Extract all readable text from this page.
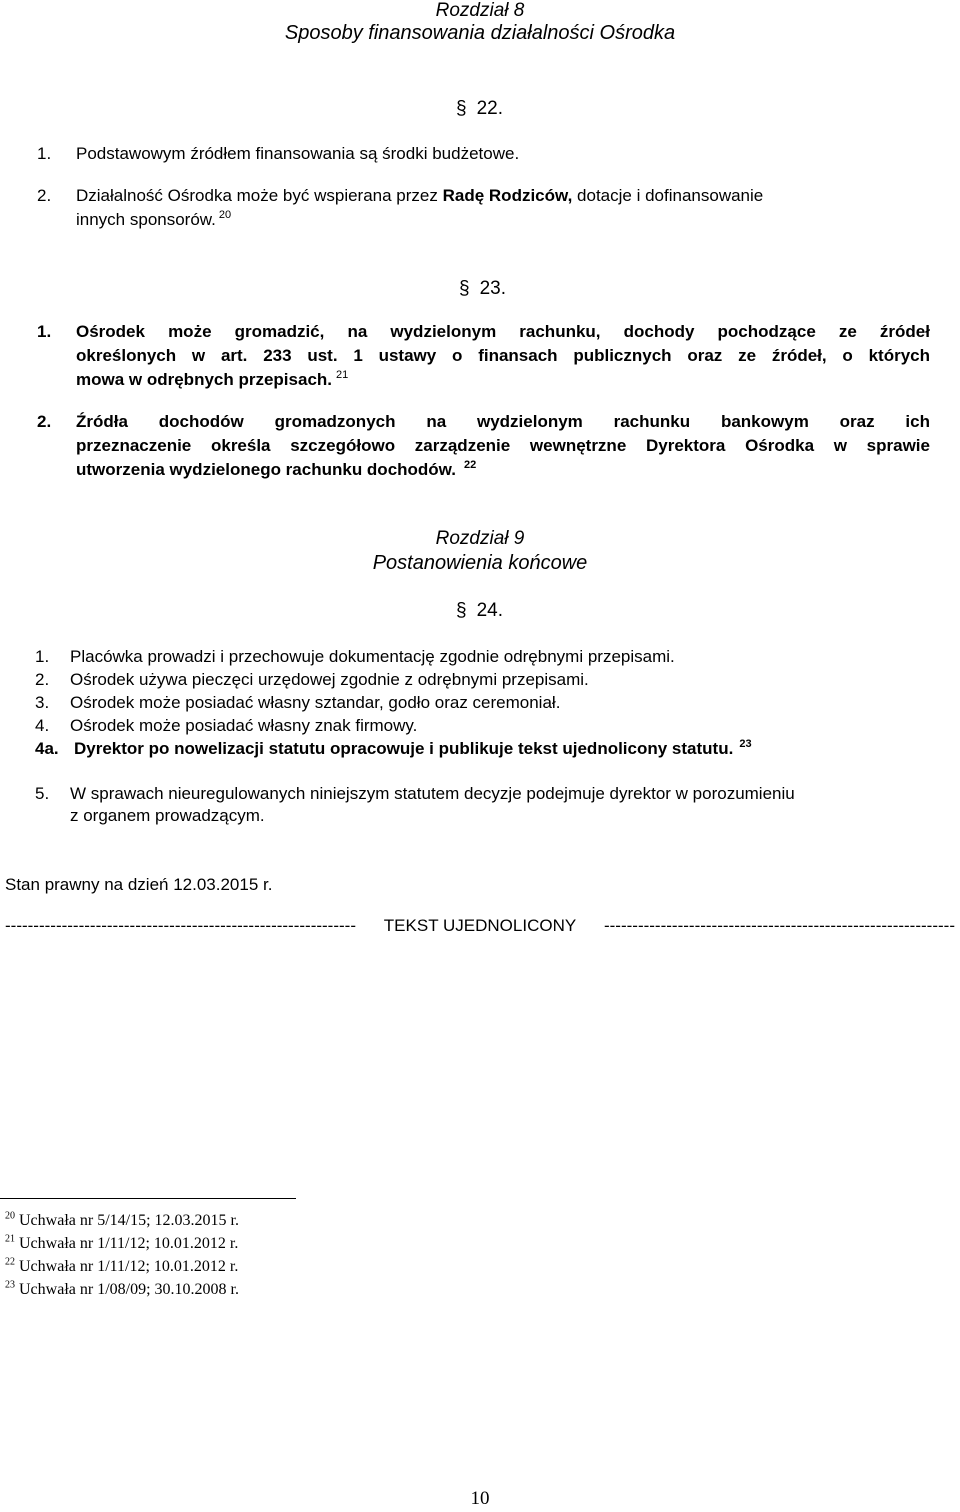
Rozdział 8
Sposoby finansowania działalności Ośrodka
§ 22.
1. Podstawowym źródłem finansowania są środki budżetowe.
2. Działalność Ośrodka może być wspierana przez Radę Rodziców, dotacje i dofinansowanie
innych sponsorów. $^{20}$
§ 23.
1. Ośrodek może gromadzić, na wydzielonym rachunku, dochody pochodzące ze źródeł
określonych w art. 233 ust. 1 ustawy o finansach publicznych oraz ze źródeł, o których
mowa w odrębnych przepisach. $^{21}$
2. Źródła dochodów gromadzonych na wydzielonym rachunku bankowym oraz ich
przeznaczenie określa szczegółowo zarządzenie wewnętrzne Dyrektora Ośrodka w sprawie
utworzenia wydzielonego rachunku dochodów. $^{22}$
Rozdział 9
Postanowienia końcowe
§ 24.
1. Placówka prowadzi i przechowuje dokumentację zgodnie odrębnymi przepisami.
2. Ośrodek używa pieczęci urzędowej zgodnie z odrębnymi przepisami.
3. Ośrodek może posiadać własny sztandar, godło oraz ceremoniał.
4. Ośrodek może posiadać własny znak firmowy.
4a. Dyrektor po nowelizacji statutu opracowuje i publikuje tekst ujednolicony statutu. $^{23}$
5. W sprawach nieuregulowanych niniejszym statutem decyzje podejmuje dyrektor w porozumieniu
z organem prowadzącym.
Stan prawny na dzień 12.03.2015 r.
-------------------------------------------------------------- TEKST UJEDNOLICONY --------------------------------------------------------------
$^{20}$ Uchwała nr 5/14/15; 12.03.2015 r.
$^{21}$ Uchwała nr 1/11/12; 10.01.2012 r.
$^{22}$ Uchwała nr 1/11/12; 10.01.2012 r.
$^{23}$ Uchwała nr 1/08/09; 30.10.2008 r.
10
